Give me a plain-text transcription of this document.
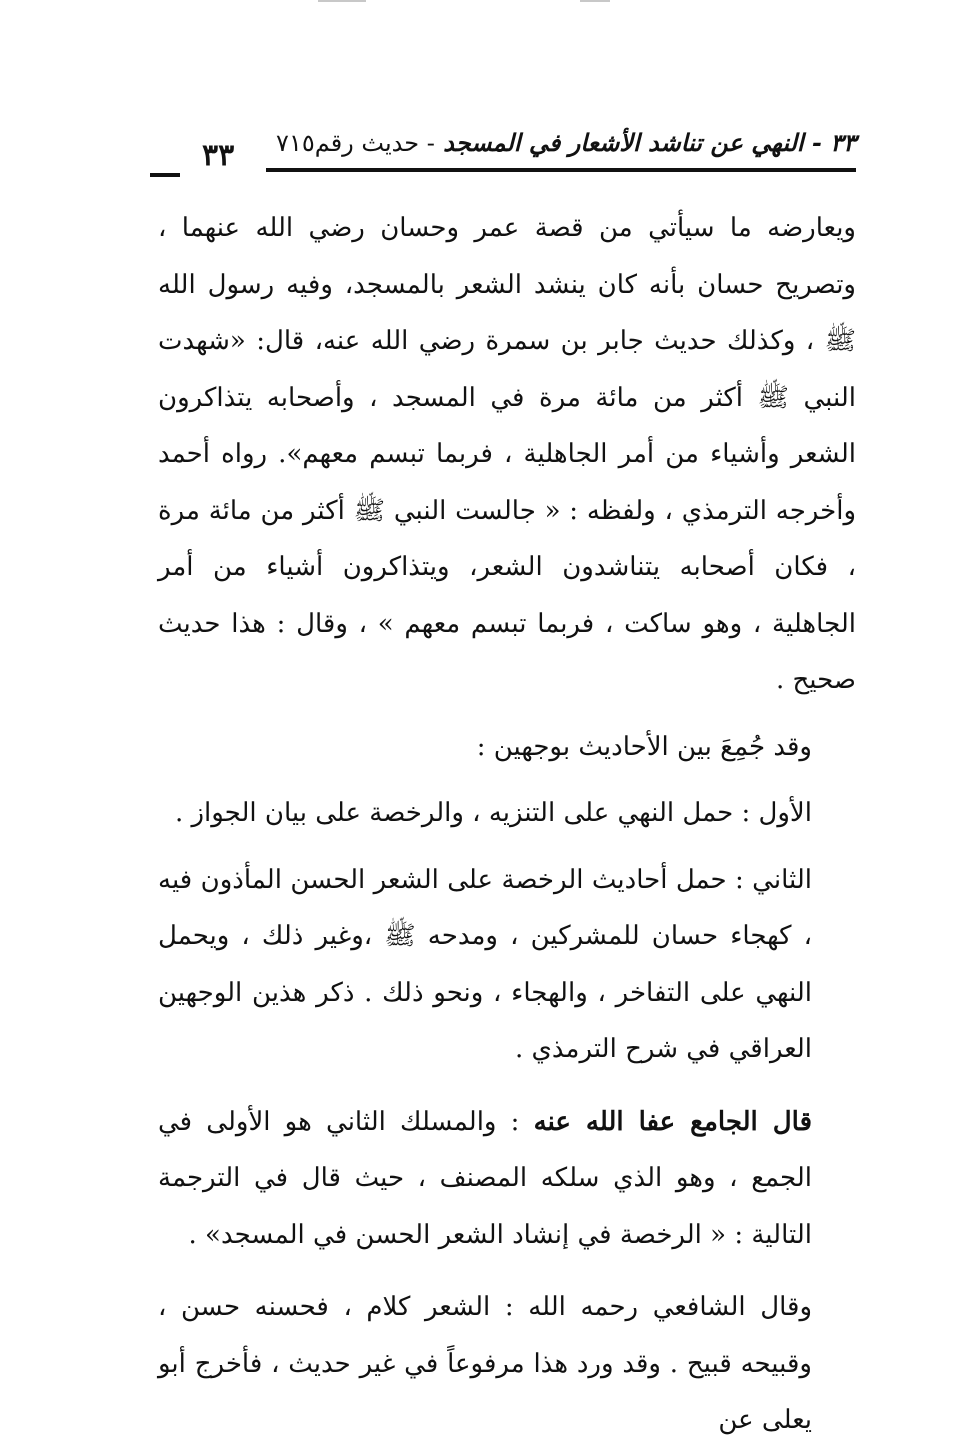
٣٣ - النهي عن تناشد الأشعار في المسجد - حديث رقم٧١٥
٣٣

ويعارضه ما سيأتي من قصة عمر وحسان رضي الله عنهما ، وتصريح حسان بأنه كان ينشد الشعر بالمسجد، وفيه رسول الله ﷺ ، وكذلك حديث جابر بن سمرة رضي الله عنه، قال: «شهدت النبي ﷺ أكثر من مائة مرة في المسجد ، وأصحابه يتذاكرون الشعر وأشياء من أمر الجاهلية ، فربما تبسم معهم». رواه أحمد وأخرجه الترمذي ، ولفظه : « جالست النبي ﷺ أكثر من مائة مرة ، فكان أصحابه يتناشدون الشعر، ويتذاكرون أشياء من أمر الجاهلية ، وهو ساكت ، فربما تبسم معهم » ، وقال : هذا حديث صحيح .

وقد جُمِعَ بين الأحاديث بوجهين :

الأول : حمل النهي على التنزيه ، والرخصة على بيان الجواز .

الثاني : حمل أحاديث الرخصة على الشعر الحسن المأذون فيه ، كهجاء حسان للمشركين ، ومدحه ﷺ ،وغير ذلك ، ويحمل النهي على التفاخر ، والهجاء ، ونحو ذلك . ذكر هذين الوجهين العراقي في شرح الترمذي .

قال الجامع عفا الله عنه : والمسلك الثاني هو الأولى في الجمع ، وهو الذي سلكه المصنف ، حيث قال في الترجمة التالية : « الرخصة في إنشاد الشعر الحسن في المسجد» .

وقال الشافعي رحمه الله : الشعر كلام ، فحسنه حسن ، وقبيحه قبيح . وقد ورد هذا مرفوعاً في غير حديث ، فأخرج أبو يعلى عن
